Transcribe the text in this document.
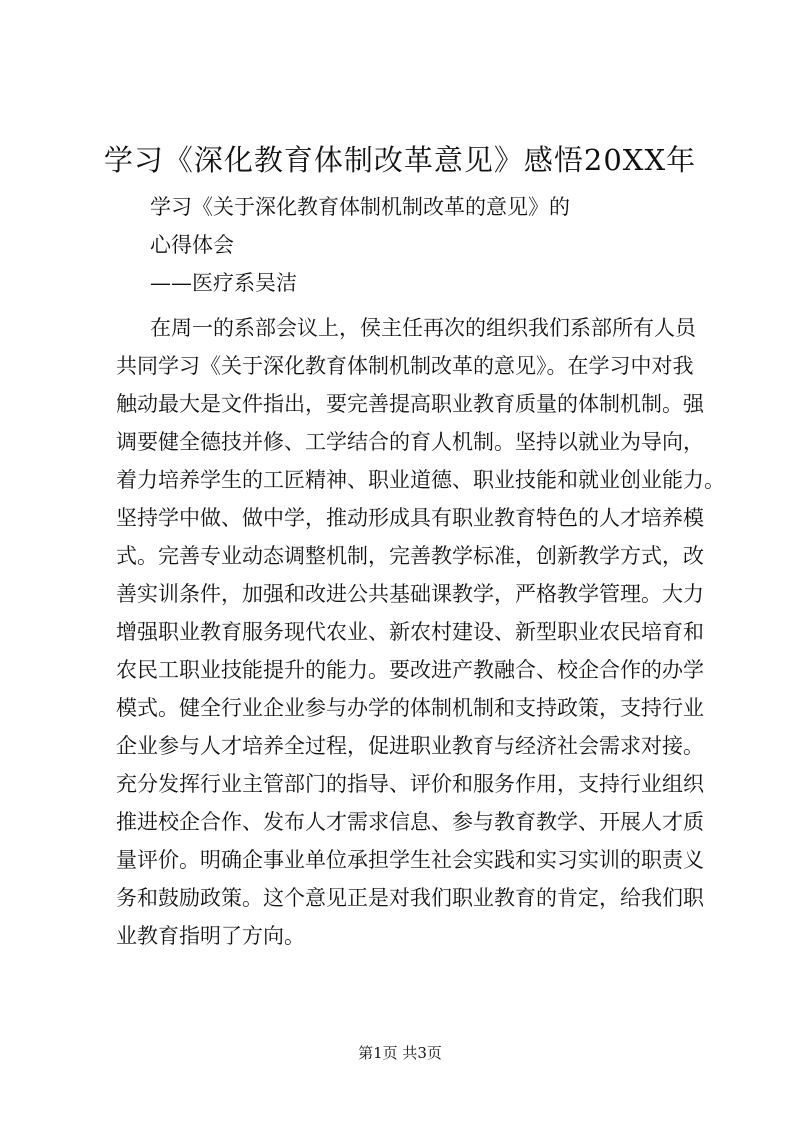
学习《深化教育体制改革意见》感悟20XX年

学习《关于深化教育体制机制改革的意见》的

心得体会

——医疗系吴洁

在周一的系部会议上，侯主任再次的组织我们系部所有人员

共同学习《关于深化教育体制机制改革的意见》。在学习中对我

触动最大是文件指出，要完善提高职业教育质量的体制机制。强

调要健全德技并修、工学结合的育人机制。坚持以就业为导向，

着力培养学生的工匠精神、职业道德、职业技能和就业创业能力。

坚持学中做、做中学，推动形成具有职业教育特色的人才培养模

式。完善专业动态调整机制，完善教学标准，创新教学方式，改

善实训条件，加强和改进公共基础课教学，严格教学管理。大力

增强职业教育服务现代农业、新农村建设、新型职业农民培育和

农民工职业技能提升的能力。要改进产教融合、校企合作的办学

模式。健全行业企业参与办学的体制机制和支持政策，支持行业

企业参与人才培养全过程，促进职业教育与经济社会需求对接。

充分发挥行业主管部门的指导、评价和服务作用，支持行业组织

推进校企合作、发布人才需求信息、参与教育教学、开展人才质

量评价。明确企事业单位承担学生社会实践和实习实训的职责义

务和鼓励政策。这个意见正是对我们职业教育的肯定，给我们职

业教育指明了方向。

第1页 共3页
